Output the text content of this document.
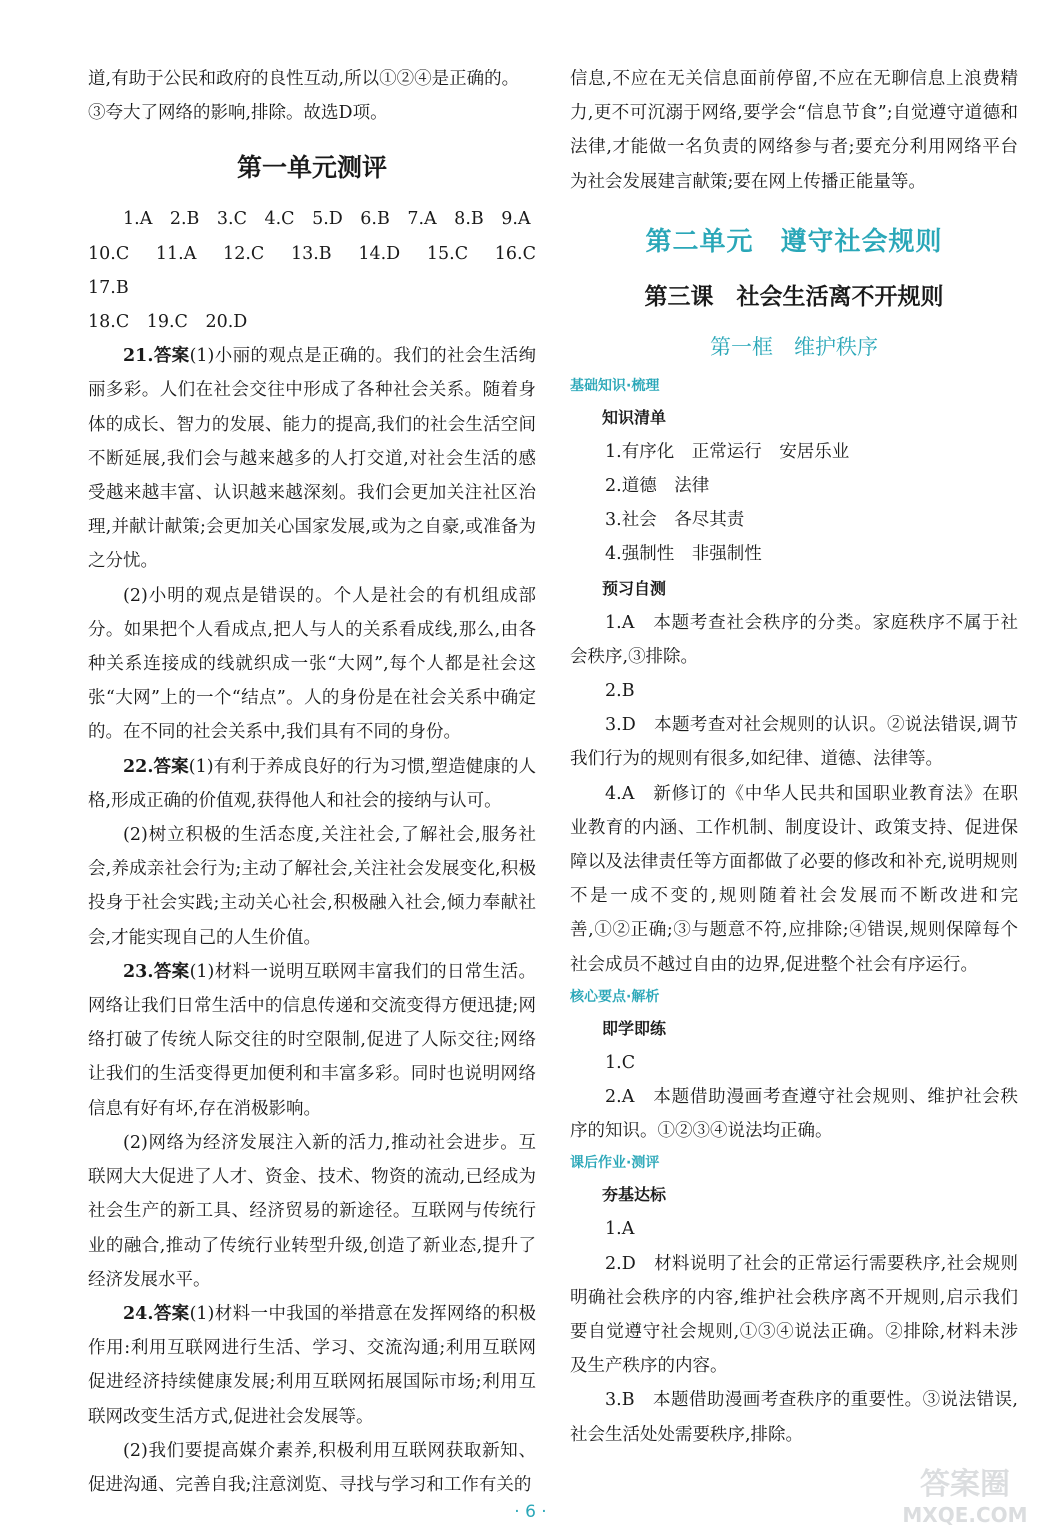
道,有助于公民和政府的良性互动,所以①②④是正确的。

③夸大了网络的影响,排除。故选D项。

第一单元测评

1.A　2.B　3.C　4.C　5.D　6.B　7.A　8.B　9.A

10.C　11.A　12.C　13.B　14.D　15.C　16.C　17.B

18.C　19.C　20.D

21.答案(1)小丽的观点是正确的。我们的社会生活绚丽多彩。人们在社会交往中形成了各种社会关系。随着身体的成长、智力的发展、能力的提高,我们的社会生活空间不断延展,我们会与越来越多的人打交道,对社会生活的感受越来越丰富、认识越来越深刻。我们会更加关注社区治理,并献计献策;会更加关心国家发展,或为之自豪,或准备为之分忧。

(2)小明的观点是错误的。个人是社会的有机组成部分。如果把个人看成点,把人与人的关系看成线,那么,由各种关系连接成的线就织成一张“大网”,每个人都是社会这张“大网”上的一个“结点”。人的身份是在社会关系中确定的。在不同的社会关系中,我们具有不同的身份。

22.答案(1)有利于养成良好的行为习惯,塑造健康的人格,形成正确的价值观,获得他人和社会的接纳与认可。

(2)树立积极的生活态度,关注社会,了解社会,服务社会,养成亲社会行为;主动了解社会,关注社会发展变化,积极投身于社会实践;主动关心社会,积极融入社会,倾力奉献社会,才能实现自己的人生价值。

23.答案(1)材料一说明互联网丰富我们的日常生活。网络让我们日常生活中的信息传递和交流变得方便迅捷;网络打破了传统人际交往的时空限制,促进了人际交往;网络让我们的生活变得更加便利和丰富多彩。同时也说明网络信息有好有坏,存在消极影响。

(2)网络为经济发展注入新的活力,推动社会进步。互联网大大促进了人才、资金、技术、物资的流动,已经成为社会生产的新工具、经济贸易的新途径。互联网与传统行业的融合,推动了传统行业转型升级,创造了新业态,提升了经济发展水平。

24.答案(1)材料一中我国的举措意在发挥网络的积极作用:利用互联网进行生活、学习、交流沟通;利用互联网促进经济持续健康发展;利用互联网拓展国际市场;利用互联网改变生活方式,促进社会发展等。

(2)我们要提高媒介素养,积极利用互联网获取新知、促进沟通、完善自我;注意浏览、寻找与学习和工作有关的

信息,不应在无关信息面前停留,不应在无聊信息上浪费精力,更不可沉溺于网络,要学会“信息节食”;自觉遵守道德和法律,才能做一名负责的网络参与者;要充分利用网络平台为社会发展建言献策;要在网上传播正能量等。

第二单元　遵守社会规则
第三课　社会生活离不开规则
第一框　维护秩序
基础知识·梳理
知识清单

1.有序化　正常运行　安居乐业

2.道德　法律

3.社会　各尽其责

4.强制性　非强制性

预习自测

1.A　本题考查社会秩序的分类。家庭秩序不属于社会秩序,③排除。

2.B

3.D　本题考查对社会规则的认识。②说法错误,调节我们行为的规则有很多,如纪律、道德、法律等。

4.A　新修订的《中华人民共和国职业教育法》在职业教育的内涵、工作机制、制度设计、政策支持、促进保障以及法律责任等方面都做了必要的修改和补充,说明规则不是一成不变的,规则随着社会发展而不断改进和完善,①②正确;③与题意不符,应排除;④错误,规则保障每个社会成员不越过自由的边界,促进整个社会有序运行。

核心要点·解析
即学即练

1.C

2.A　本题借助漫画考查遵守社会规则、维护社会秩序的知识。①②③④说法均正确。

课后作业·测评
夯基达标

1.A

2.D　材料说明了社会的正常运行需要秩序,社会规则明确社会秩序的内容,维护社会秩序离不开规则,启示我们要自觉遵守社会规则,①③④说法正确。②排除,材料未涉及生产秩序的内容。

3.B　本题借助漫画考查秩序的重要性。③说法错误,社会生活处处需要秩序,排除。

· 6 ·
答案圈
MXQE.COM
